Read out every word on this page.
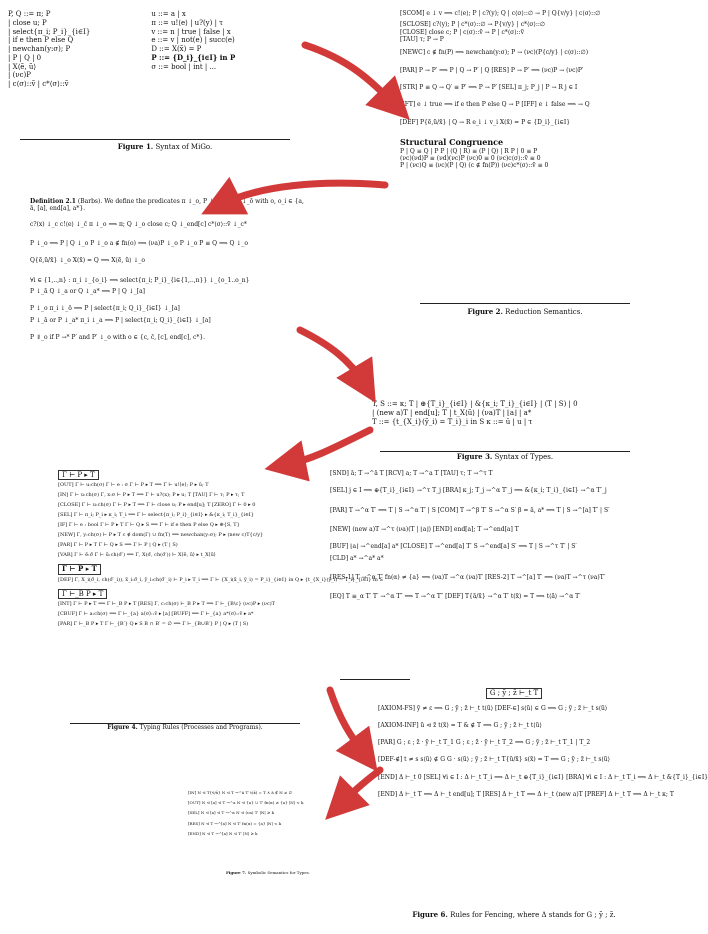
P, Q ::= π; P
| close u; P
| select{π_i; P_i}_{i∈I}
| if e then P else Q
| newchan(y:σ); P
| P | Q | 0
| X⟨ẽ, ũ⟩
| (νc)P
| c⟨σ⟩::ṽ | c*⟨σ⟩::ṽ
u ::= a | x
π ::= u!⟨e⟩ | u?(y) | τ
v ::= n | true | false | x
e ::= v | not(e) | succ(e)
D ::= X(x̃) = P
P ::= {D_i}_{i∈I} in P
σ ::= bool | int | ...
Figure 1. Syntax of MiGo.
[SCOM] e ↓ v ⟹ c!⟨e⟩; P | c?(y); Q | c⟨σ⟩::∅ → P | Q{v/y} | c⟨σ⟩::∅
[SCLOSE] c?(y); P | c*⟨σ⟩::∅ → P{v/y} | c*⟨σ⟩::∅
[CLOSE] close c; P | c⟨σ⟩::ṽ → P | c*⟨σ⟩::ṽ
[TAU] τ; P → P
[NEWC] c ∉ fn(P) ⟹ newchan(y:σ); P → (νc)(P{c/y} | c⟨σ⟩::∅)
[PAR] P → P′ ⟹ P | Q → P′ | Q [RES] P → P′ ⟹ (νc)P → (νc)P′
[STR] P ≡ Q → Q′ ≡ P′ ⟹ P → P′ [SEL] π_j; P_j | P → R j ∈ I
[IFT] e ↓ true ⟹ if e then P else Q → P [IFF] e ↓ false ⟹ → Q
[DEF] P{ẽ,ũ/x̃} | Q → R e_i ↓ v_i X(x̃) = P ∈ {D_i}_{i∈I}
Structural Congruence
P | Q ≡ Q | P P | (Q | R) ≡ (P | Q) | R P | 0 ≡ P
(νc)(νd)P ≡ (νd)(νc)P (νc)0 ≡ 0 (νc)c⟨σ⟩::ṽ ≡ 0
P | (νc)Q ≡ (νc)(P | Q) (c ∉ fn(P)) (νc)c*⟨σ⟩::ṽ ≡ 0
Figure 2. Reduction Semantics.
Definition 2.1 (Barbs). We define the predicates π ↓_o, P ↓_o and P ↓_ō with o, o_i ∈ {a, ā, [a], end[a], a*}.
c?(x) ↓_c c!⟨e⟩ ↓_c̄ π ↓_o ⟹ π; Q ↓_o close c; Q ↓_end[c] c*⟨σ⟩::ṽ ↓_c*
P ↓_o ⟹ P | Q ↓_o P ↓_o a ∉ fn(o) ⟹ (νa)P ↓_o P ↓_o P ≡ Q ⟹ Q ↓_o
Q{ẽ,ũ/x̃} ↓_o X(x̃) = Q ⟹ X⟨ẽ, ũ⟩ ↓_o
∀i ∈ {1,..,n} : π_i ↓_{o_i} ⟹ select{π_i; P_i}_{i∈{1,..,n}} ↓_{o_1..o_n}
P ↓_ā Q ↓_a or Q ↓_a* ⟹ P | Q ↓_[a]
P ↓_o π_i ↓_ō ⟹ P | select{π_i; Q_i}_{i∈I} ↓_[a]
P ↓_ā or P ↓_a* π_i ↓_a ⟹ P | select{π_i; Q_i}_{i∈I} ↓_[a]
P ⇓_o if P →* P′ and P′ ↓_o with o ∈ {c, c̄, [c], end[c], c*}.
T, S ::= κ; T | ⊕{T_i}_{i∈I} | &{κ_i; T_i}_{i∈I} | (T | S) | 0
| (new a)T | end[u]; T | t_X⟨ũ⟩ | (νa)T | ⌊a⌋ | a*
T ::= {t_{X_i}(ỹ_i) = T_i}_i in S κ ::= ū | u | τ
Figure 3. Syntax of Types.
Γ ⊢ P ▸ T
[OUT] Γ ⊢ u:ch(σ) Γ ⊢ e : σ Γ ⊢ P ▸ T ⟹ Γ ⊢ u!⟨e⟩; P ▸ ū; T
[IN] Γ ⊢ u:ch(σ) Γ, x:σ ⊢ P ▸ T ⟹ Γ ⊢ u?(x); P ▸ u; T [TAU] Γ ⊢ τ; P ▸ τ; T
[CLOSE] Γ ⊢ u:ch(σ) Γ ⊢ P ▸ T ⟹ Γ ⊢ close u; P ▸ end[u]; T [ZERO] Γ ⊢ 0 ▸ 0
[SEL] Γ ⊢ π_i; P_i ▸ κ_i; T_i ⟹ Γ ⊢ select{π_i; P_i}_{i∈I} ▸ &{κ_i; T_i}_{i∈I}
[IF] Γ ⊢ e : bool Γ ⊢ P ▸ T Γ ⊢ Q ▸ S ⟹ Γ ⊢ if e then P else Q ▸ ⊕{S, T}
[NEW] Γ, y:ch(σ) ⊢ P ▸ T c ∉ dom(Γ) ∪ fn(T) ⟹ newchan(y:σ); P ▸ (new c)T{c/y}
[PAR] Γ ⊢ P ▸ T Γ ⊢ Q ▸ S ⟹ Γ ⊢ P | Q ▸ (T | S)
[VAR] Γ ⊢ ẽ:σ̃ Γ ⊢ ũ:ch(σ̃′) ⟹ Γ, X(σ̃, ch(σ̃′)) ⊢ X⟨ẽ, ũ⟩ ▸ t_X⟨ũ⟩
Γ ⊢ P ▸ T
[DEF] Γ, X_i(σ̃_i, ch(σ̃′_i)), x̃_i:σ̃_i, ỹ_i:ch(σ̃′_i) ⊢ P_i ▸ T_i ⟹ Γ ⊢ {X_i(x̃_i, ỹ_i) = P_i}_{i∈I} in Q ▸ {t_{X_i}(ỹ_i) = T_i}_{i∈I} in S
Γ ⊢_B P ▸ T
[INT] Γ ⊢ P ▸ T ⟹ Γ ⊢_B P ▸ T [RES] Γ, c:ch(σ) ⊢_B P ▸ T ⟹ Γ ⊢_{B\c} (νc)P ▸ (νc)T
[CBUF] Γ ⊢ a:ch(σ) ⟹ Γ ⊢_{a} a⟨σ⟩::ṽ ▸ ⌊a⌋ [BUFF] ⟹ Γ ⊢_{a} a*⟨σ⟩::ṽ ▸ a*
[PAR] Γ ⊢_B P ▸ T Γ ⊢_{B′} Q ▸ S B ∩ B′ = ∅ ⟹ Γ ⊢_{B∪B′} P | Q ▸ (T | S)
Figure 4. Typing Rules (Processes and Programs).
[SND] ā; T →^ā T [RCV] a; T →^a T [TAU] τ; T →^τ T
[SEL] j ∈ I ⟹ ⊕{T_i}_{i∈I} →^τ T_j [BRA] κ_j; T_j →^α T′_j ⟹ &{κ_i; T_i}_{i∈I} →^α T′_j
[PAR] T →^α T′ ⟹ T | S →^α T′ | S [COM] T →^β T′ S →^α S′ β = ā, a* ⟹ T | S →^[a] T′ | S′
[NEW] (new a)T →^τ (νa)(T | ⌊a⌋) [END] end[a]; T →^end[a] T
[BUF] ⌊a⌋ →^end[a] a* [CLOSE] T →^end[a] T′ S →^end[a] S′ ⟹ T | S →^τ T′ | S′
[CLD] a* →^a* a*
[RES-1] T →^α T′ fn(α) ≠ {a} ⟹ (νa)T →^α (νa)T′ [RES-2] T →^[a] T′ ⟹ (νa)T →^τ (νa)T′
[EQ] T ≡_α T′ T′ →^α T″ ⟹ T →^α T″ [DEF] T{ã/x̃} →^α T′ t(x̃) = T ⟹ t⟨ã⟩ →^α T′
G ; ỹ ; z̃ ⊢_t T
[AXIOM-FS] ỹ ≠ ε ⟹ G ; ỹ ; z̃ ⊢_t t⟨ũ⟩ [DEF-∈] s⟨ũ⟩ ∈ G ⟹ G ; ỹ ; z̃ ⊢_t s⟨ũ⟩
[AXIOM-INF] ũ ⊲ z̃ t(x̃) = T & ∉ T ⟹ G ; ỹ ; z̃ ⊢_t t⟨ũ⟩
[PAR] G ; ε ; z̃ · ỹ ⊢_t T_1 G ; ε ; z̃ · ỹ ⊢_t T_2 ⟹ G ; ỹ ; z̃ ⊢_t T_1 | T_2
[DEF-∉] t ≠ s s⟨ũ⟩ ∉ G G · s⟨ũ⟩ ; ỹ ; z̃ ⊢_t T{ũ/x̃} s(x̃) = T ⟹ G ; ỹ ; z̃ ⊢_t s⟨ũ⟩
[END] Δ ⊢_t 0 [SEL] ∀i ∈ I : Δ ⊢_t T_i ⟹ Δ ⊢_t ⊕{T_i}_{i∈I} [BRA] ∀i ∈ I : Δ ⊢_t T_i ⟹ Δ ⊢_t &{T_i}_{i∈I}
[END] Δ ⊢_t T ⟹ Δ ⊢_t end[u]; T [RES] Δ ⊢_t T ⟹ Δ ⊢_t (new a)T [PREF] Δ ⊢_t T ⟹ Δ ⊢_t κ; T
Figure 6. Rules for Fencing, where Δ stands for G ; ỹ ; z̃.
[IN] N ⊲ T{ṽ/x̃} N ⊲ T →^ā T′ t(x̃) = T ∧ ā ∉ N ≠ ∅
[OUT] N ⊲ [a] ⊲ T →^a N ⊲ {a} ∪ T′ fn(α) ≠ {a} |N| < k
[SEL] N ⊲ [a] ⊲ T →^α N ⊲ (νa) T′ |N| ≥ k
[RES] N ⊲ T →^[a] N ⊲ T′ fn(α) = {a} |N| < k
[END] N ⊲ T →^[a] N ⊲ T′ |N| ≥ k
Figure 7. Symbolic Semantics for Types.
